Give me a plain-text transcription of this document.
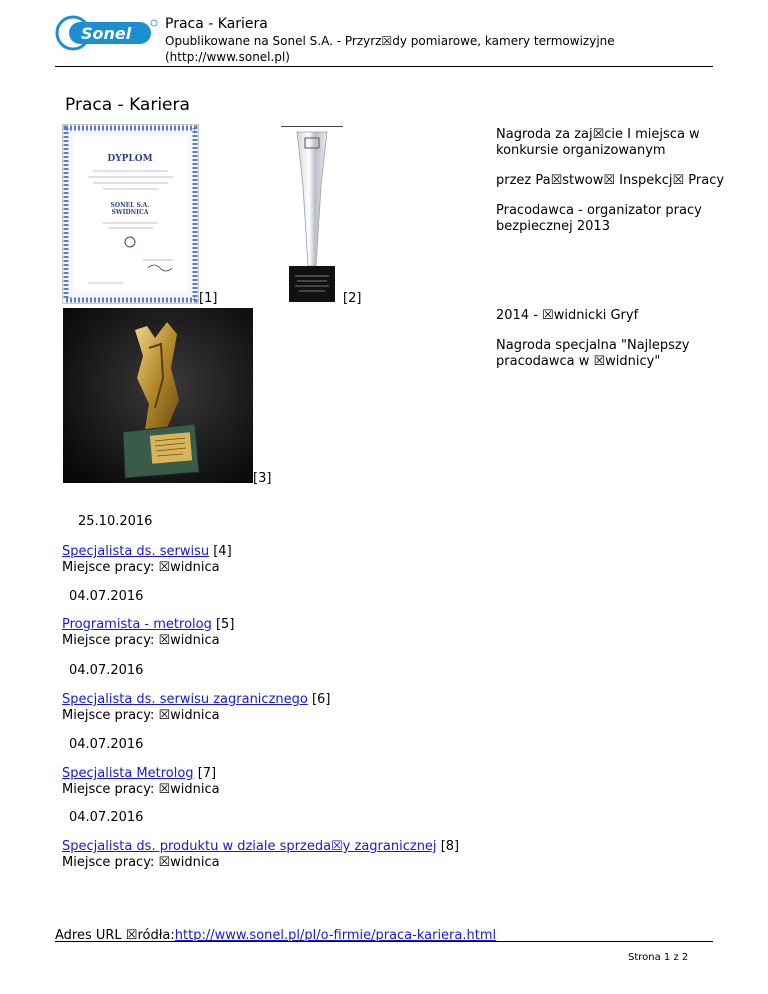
Sonel Praca - Kariera
Opublikowane na Sonel S.A. - Przyrz☒dy pomiarowe, kamery termowizyjne
(http://www.sonel.pl)
Praca - Kariera
DYPLOM
SONEL S.A.
ŚWIDNICA
[1]	[2]
[3]
Nagroda za zaj☒cie I miejsca w
konkursie organizowanym
przez Pa☒stwow☒ Inspekcj☒ Pracy
Pracodawca - organizator pracy
bezpiecznej 2013
2014 - ☒widnicki Gryf
Nagroda specjalna "Najlepszy
pracodawca w ☒widnicy"
25.10.2016
Specjalista ds. serwisu [4]
Miejsce pracy: ☒widnica
04.07.2016
Programista - metrolog [5]
Miejsce pracy: ☒widnica
04.07.2016
Specjalista ds. serwisu zagranicznego [6]
Miejsce pracy: ☒widnica
04.07.2016
Specjalista Metrolog [7]
Miejsce pracy: ☒widnica
04.07.2016
Specjalista ds. produktu w dziale sprzeda☒y zagranicznej [8]
Miejsce pracy: ☒widnica
Adres URL ☒ródła:http://www.sonel.pl/pl/o-firmie/praca-kariera.html
Strona 1 z 2
